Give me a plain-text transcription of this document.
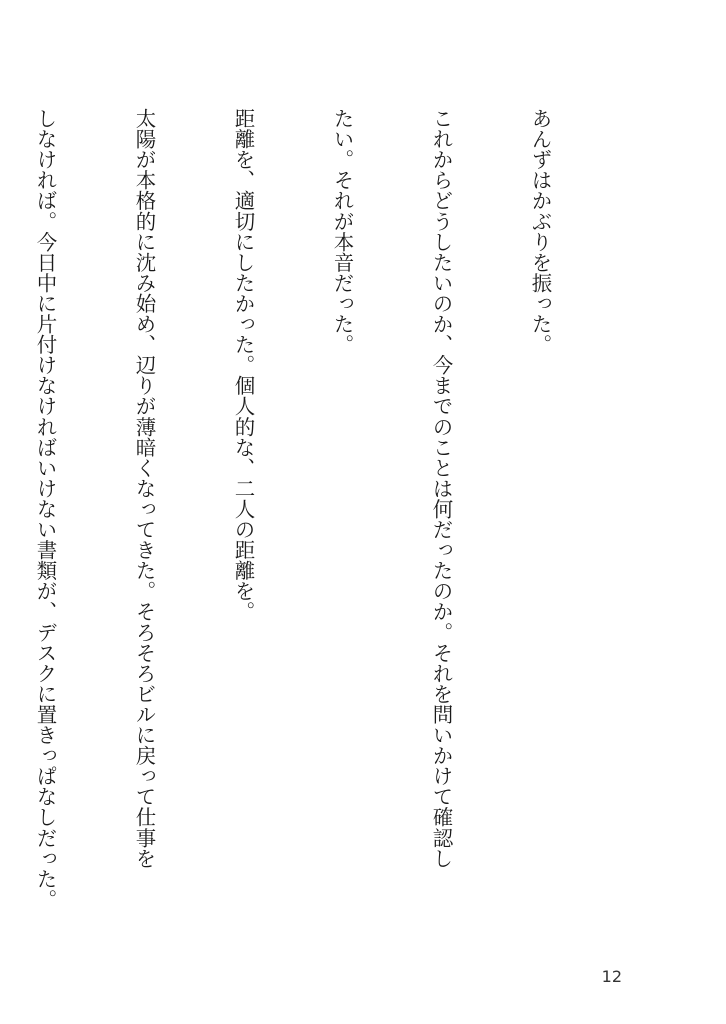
あんずはかぶりを振った。

これからどうしたいのか、今までのことは何だったのか。それを問いかけて確認し

たい。それが本音だった。

距離を、適切にしたかった。個人的な、二人の距離を。

太陽が本格的に沈み始め、辺りが薄暗くなってきた。そろそろビルに戻って仕事を

しなければ。今日中に片付けなければいけない書類が、デスクに置きっぱなしだった。

12
